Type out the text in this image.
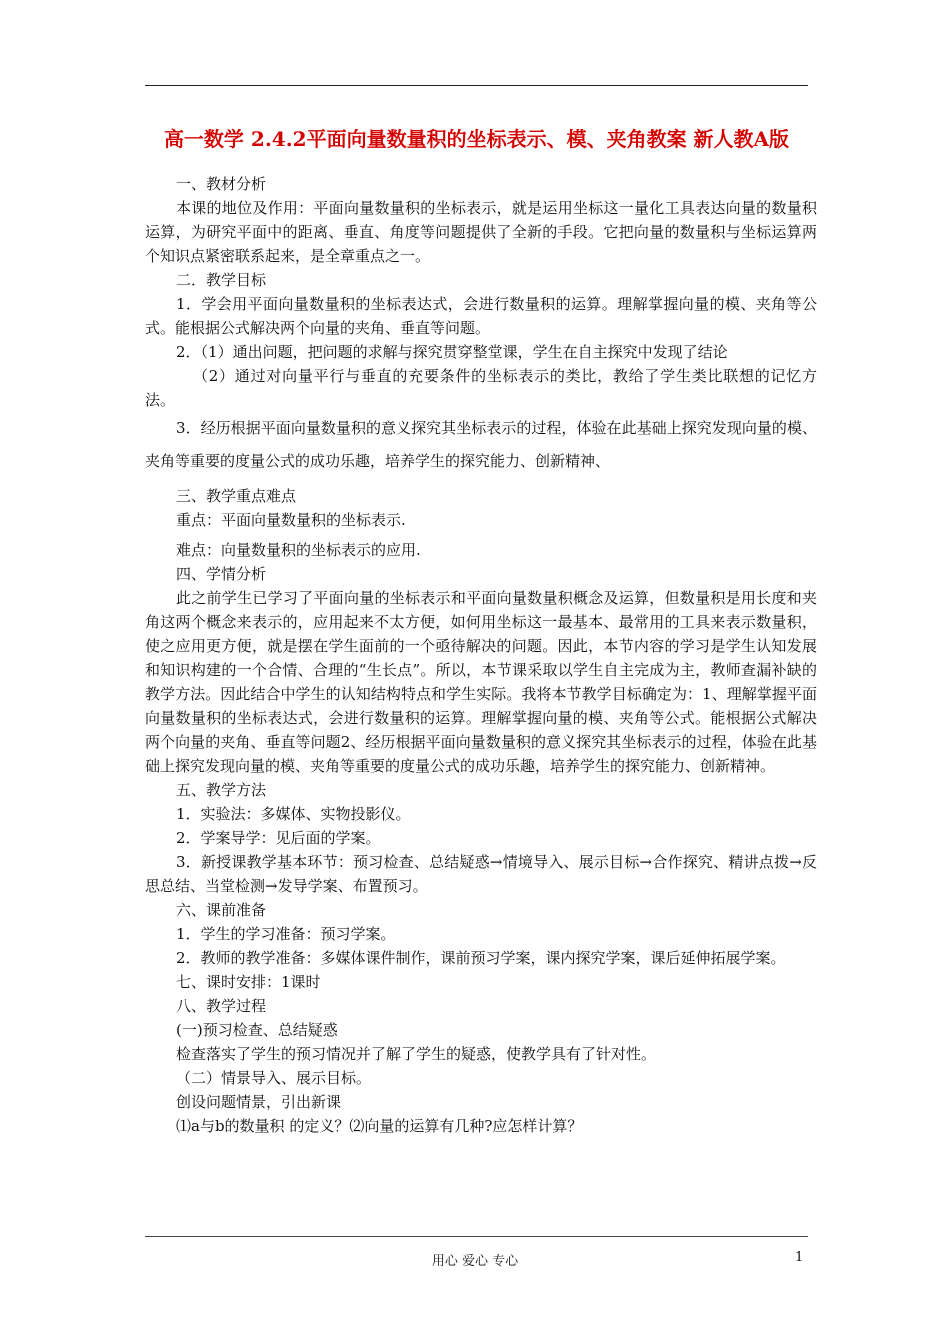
高一数学 2.4.2平面向量数量积的坐标表示、模、夹角教案 新人教A版
一、教材分析
本课的地位及作用：平面向量数量积的坐标表示，就是运用坐标这一量化工具表达向量的数量积运算，为研究平面中的距离、垂直、角度等问题提供了全新的手段。它把向量的数量积与坐标运算两个知识点紧密联系起来，是全章重点之一。
二．教学目标
1．学会用平面向量数量积的坐标表达式，会进行数量积的运算。理解掌握向量的模、夹角等公式。能根据公式解决两个向量的夹角、垂直等问题。
2．（1）通出问题，把问题的求解与探究贯穿整堂课，学生在自主探究中发现了结论
（2）通过对向量平行与垂直的充要条件的坐标表示的类比，教给了学生类比联想的记忆方法。
3．经历根据平面向量数量积的意义探究其坐标表示的过程，体验在此基础上探究发现向量的模、夹角等重要的度量公式的成功乐趣，培养学生的探究能力、创新精神、
三、教学重点难点
重点：平面向量数量积的坐标表示.
难点：向量数量积的坐标表示的应用.
四、学情分析
此之前学生已学习了平面向量的坐标表示和平面向量数量积概念及运算，但数量积是用长度和夹角这两个概念来表示的，应用起来不太方便，如何用坐标这一最基本、最常用的工具来表示数量积，使之应用更方便，就是摆在学生面前的一个亟待解决的问题。因此，本节内容的学习是学生认知发展和知识构建的一个合情、合理的“生长点”。所以，本节课采取以学生自主完成为主，教师查漏补缺的教学方法。因此结合中学生的认知结构特点和学生实际。我将本节教学目标确定为：1、理解掌握平面向量数量积的坐标表达式，会进行数量积的运算。理解掌握向量的模、夹角等公式。能根据公式解决两个向量的夹角、垂直等问题2、经历根据平面向量数量积的意义探究其坐标表示的过程，体验在此基础上探究发现向量的模、夹角等重要的度量公式的成功乐趣，培养学生的探究能力、创新精神。
五、教学方法
1．实验法：多媒体、实物投影仪。
2．学案导学：见后面的学案。
3．新授课教学基本环节：预习检查、总结疑惑→情境导入、展示目标→合作探究、精讲点拨→反思总结、当堂检测→发导学案、布置预习。
六、课前准备
1．学生的学习准备：预习学案。
2．教师的教学准备：多媒体课件制作，课前预习学案，课内探究学案，课后延伸拓展学案。
七、课时安排：1课时
八、教学过程
(一)预习检查、总结疑惑
检查落实了学生的预习情况并了解了学生的疑惑，使教学具有了针对性。
（二）情景导入、展示目标。
创设问题情景，引出新课
⑴a与b的数量积 的定义？⑵向量的运算有几种?应怎样计算？
用心 爱心 专心	1
